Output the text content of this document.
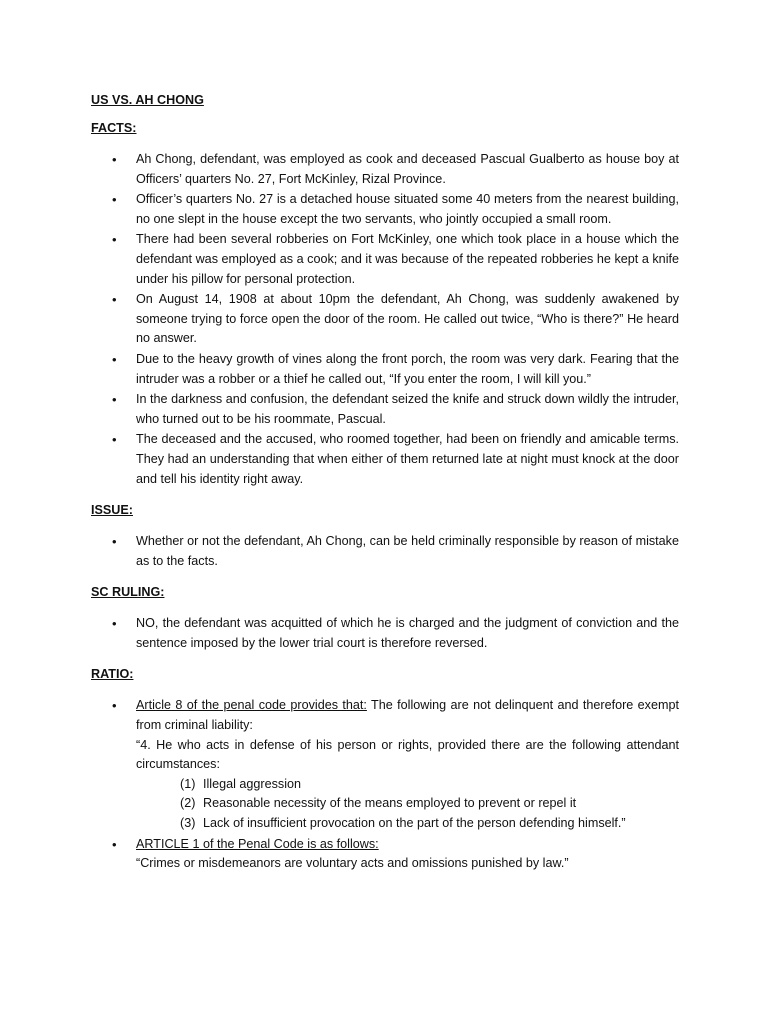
US VS. AH CHONG
FACTS:
• Ah Chong, defendant, was employed as cook and deceased Pascual Gualberto as house boy at Officers’ quarters No. 27, Fort McKinley, Rizal Province.
• Officer’s quarters No. 27 is a detached house situated some 40 meters from the nearest building, no one slept in the house except the two servants, who jointly occupied a small room.
• There had been several robberies on Fort McKinley, one which took place in a house which the defendant was employed as a cook; and it was because of the repeated robberies he kept a knife under his pillow for personal protection.
• On August 14, 1908 at about 10pm the defendant, Ah Chong, was suddenly awakened by someone trying to force open the door of the room. He called out twice, “Who is there?” He heard no answer.
• Due to the heavy growth of vines along the front porch, the room was very dark. Fearing that the intruder was a robber or a thief he called out, “If you enter the room, I will kill you.”
• In the darkness and confusion, the defendant seized the knife and struck down wildly the intruder, who turned out to be his roommate, Pascual.
• The deceased and the accused, who roomed together, had been on friendly and amicable terms. They had an understanding that when either of them returned late at night must knock at the door and tell his identity right away.
ISSUE:
• Whether or not the defendant, Ah Chong, can be held criminally responsible by reason of mistake as to the facts.
SC RULING:
• NO, the defendant was acquitted of which he is charged and the judgment of conviction and the sentence imposed by the lower trial court is therefore reversed.
RATIO:
• Article 8 of the penal code provides that: The following are not delinquent and therefore exempt from criminal liability:
“4. He who acts in defense of his person or rights, provided there are the following attendant circumstances:
(1) Illegal aggression
(2) Reasonable necessity of the means employed to prevent or repel it
(3) Lack of insufficient provocation on the part of the person defending himself.”
• ARTICLE 1 of the Penal Code is as follows:
“Crimes or misdemeanors are voluntary acts and omissions punished by law.”
